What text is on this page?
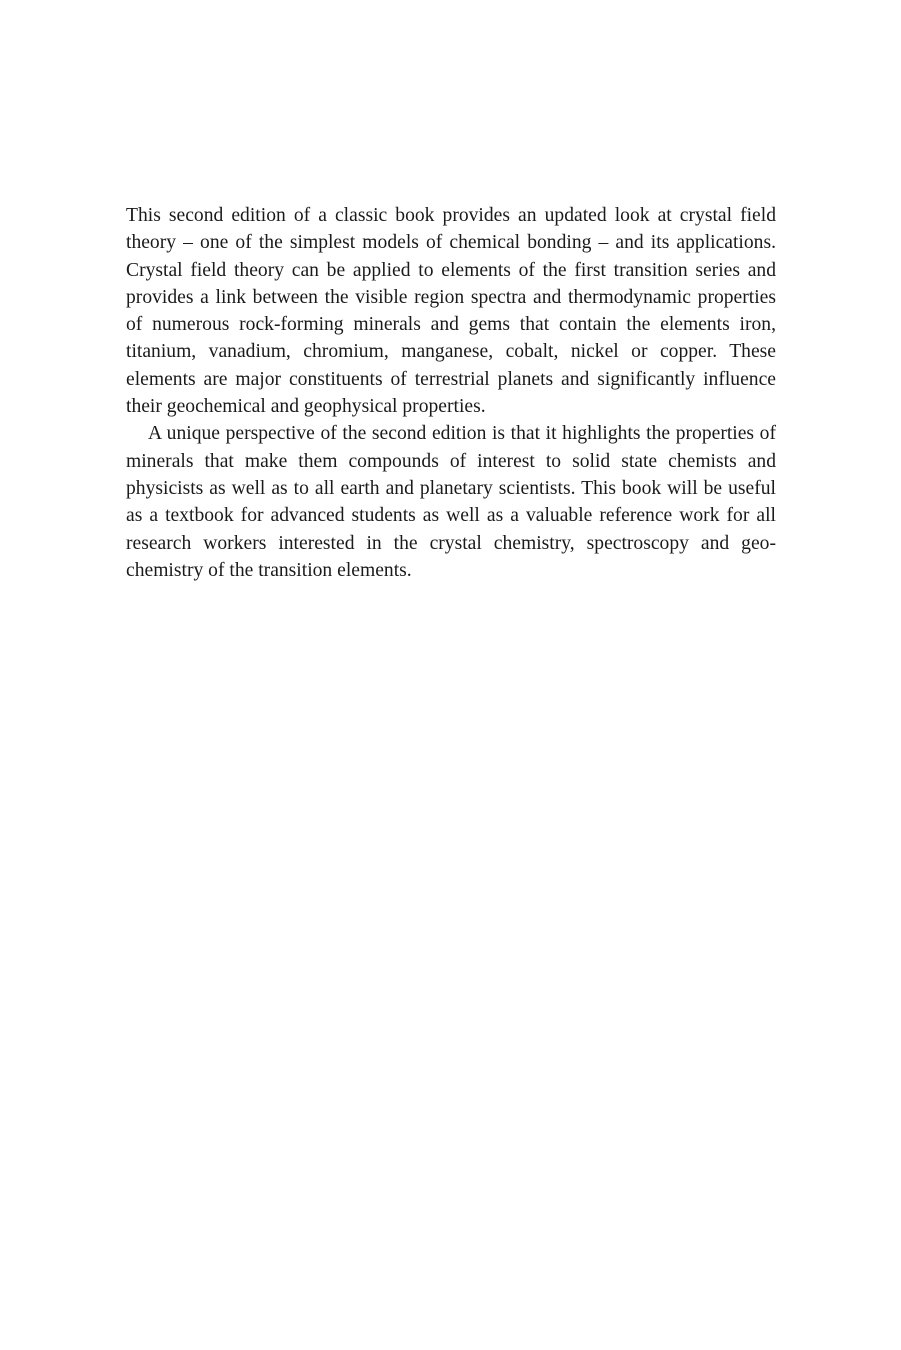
This second edition of a classic book provides an updated look at crystal field theory – one of the simplest models of chemical bonding – and its applications. Crystal field theory can be applied to elements of the first transition series and provides a link between the visible region spectra and thermodynamic properties of numerous rock-forming minerals and gems that contain the elements iron, titanium, vanadium, chromium, manganese, cobalt, nickel or copper. These elements are major constituents of terrestrial planets and significantly influence their geochemical and geophysical properties.

A unique perspective of the second edition is that it highlights the properties of minerals that make them compounds of interest to solid state chemists and physicists as well as to all earth and planetary scientists. This book will be useful as a textbook for advanced students as well as a valuable reference work for all research workers interested in the crystal chemistry, spectroscopy and geochemistry of the transition elements.
